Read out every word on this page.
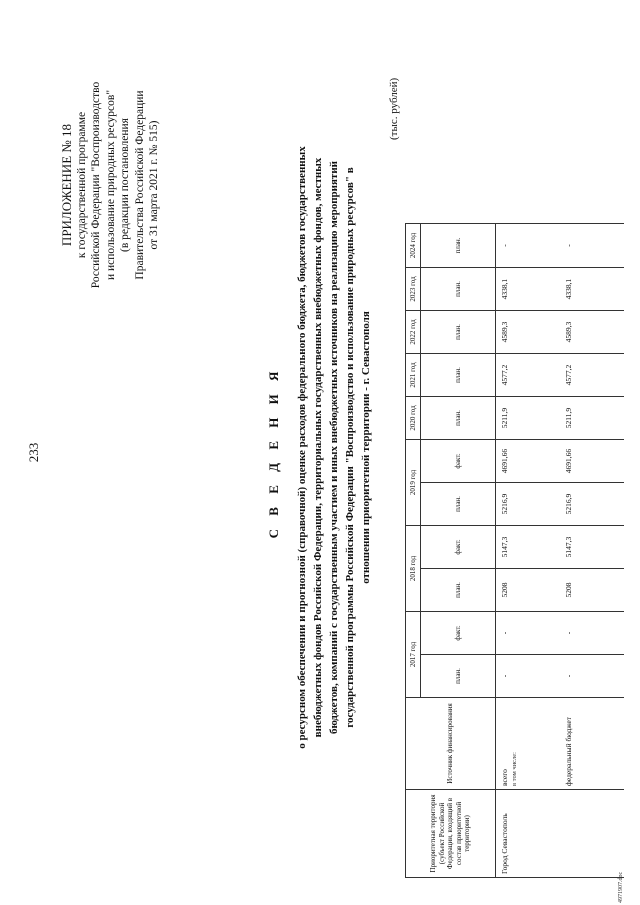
233
ПРИЛОЖЕНИЕ № 18 к государственной программе Российской Федерации "Воспроизводство и использование природных ресурсов" (в редакции постановления Правительства Российской Федерации от 31 марта 2021 г. № 515)
С В Е Д Е Н И Я о ресурсном обеспечении и прогнозной (справочной) оценке расходов федерального бюджета, бюджетов государственных внебюджетных фондов Российской Федерации, территориальных государственных внебюджетных фондов, местных бюджетов, компаний с государственным участием и иных внебюджетных источников на реализацию мероприятий государственной программы Российской Федерации "Воспроизводство и использование природных ресурсов" в отношении приоритетной территории - г. Севастополя
(тыс. рублей)
Приоритетная территория (субъект Российской Федерации, входящий в состав приоритетной территории)	Источник финансирования	2017 год		2018 год		2019 год		2020 год	2021 год	2022 год	2023 год	2024 год
		план.	факт.	план.	факт.	план.	факт.	план.	план.	план.	план.	план.
Город Севастополь	всего в том числе:	-	-	5208	5147,3	5216,9	4691,66	5211,9	4577,2	4589,3	4338,1	-

	федеральный бюджет	-	-	5208	5147,3	5216,9	4691,66	5211,9	4577,2	4589,3	4338,1	-
4971907.doc
